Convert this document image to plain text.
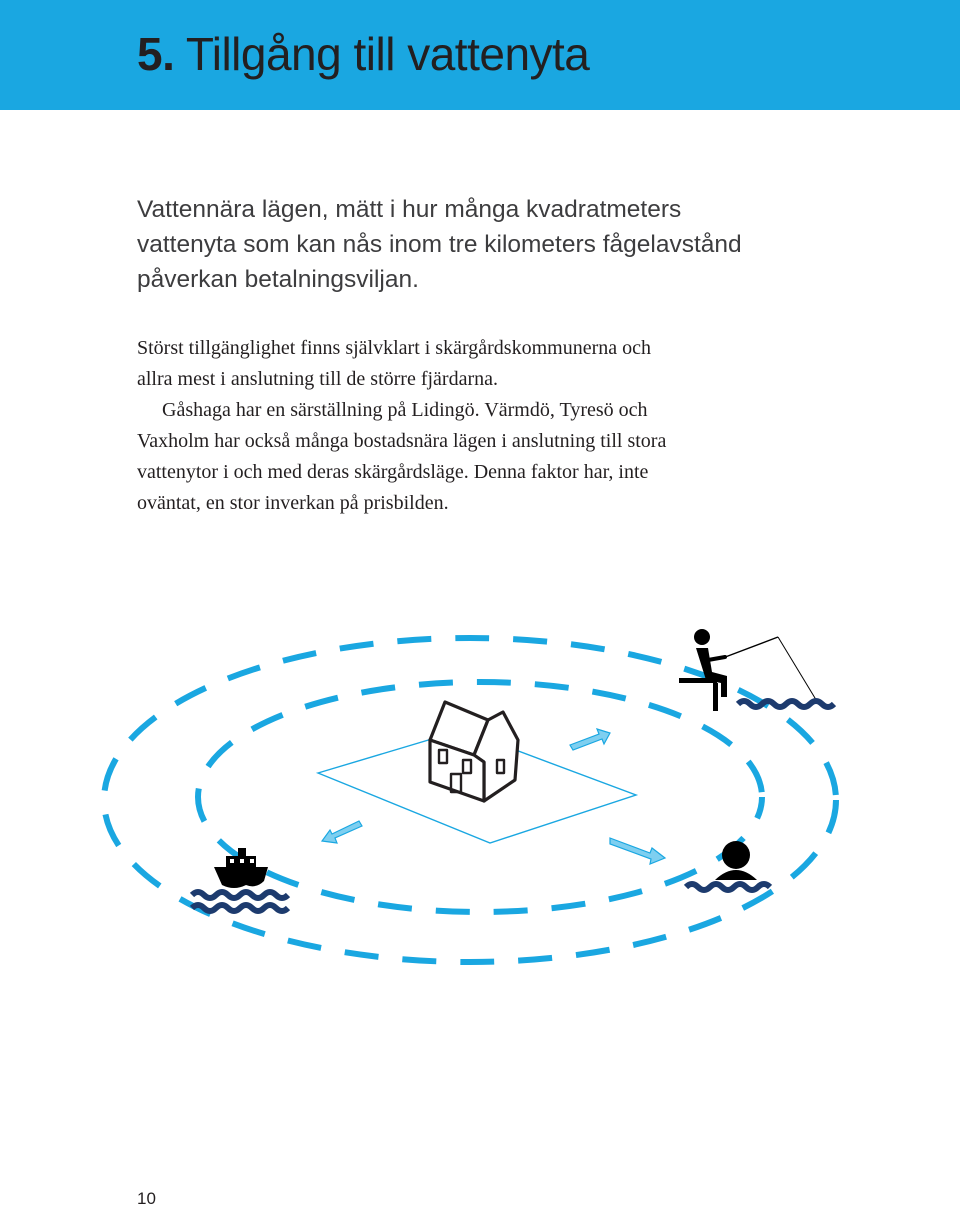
5. Tillgång till vattenyta
Vattennära lägen, mätt i hur många kvadratmeters
vattenyta som kan nås inom tre kilometers fågelavstånd
påverkan betalningsviljan.
Störst tillgänglighet finns självklart i skärgårdskommunerna och
allra mest i anslutning till de större fjärdarna.
Gåshaga har en särställning på Lidingö. Värmdö, Tyresö och
Vaxholm har också många bostadsnära lägen i anslutning till stora
vattenytor i och med deras skärgårdsläge. Denna faktor har, inte
oväntat, en stor inverkan på prisbilden.
10
